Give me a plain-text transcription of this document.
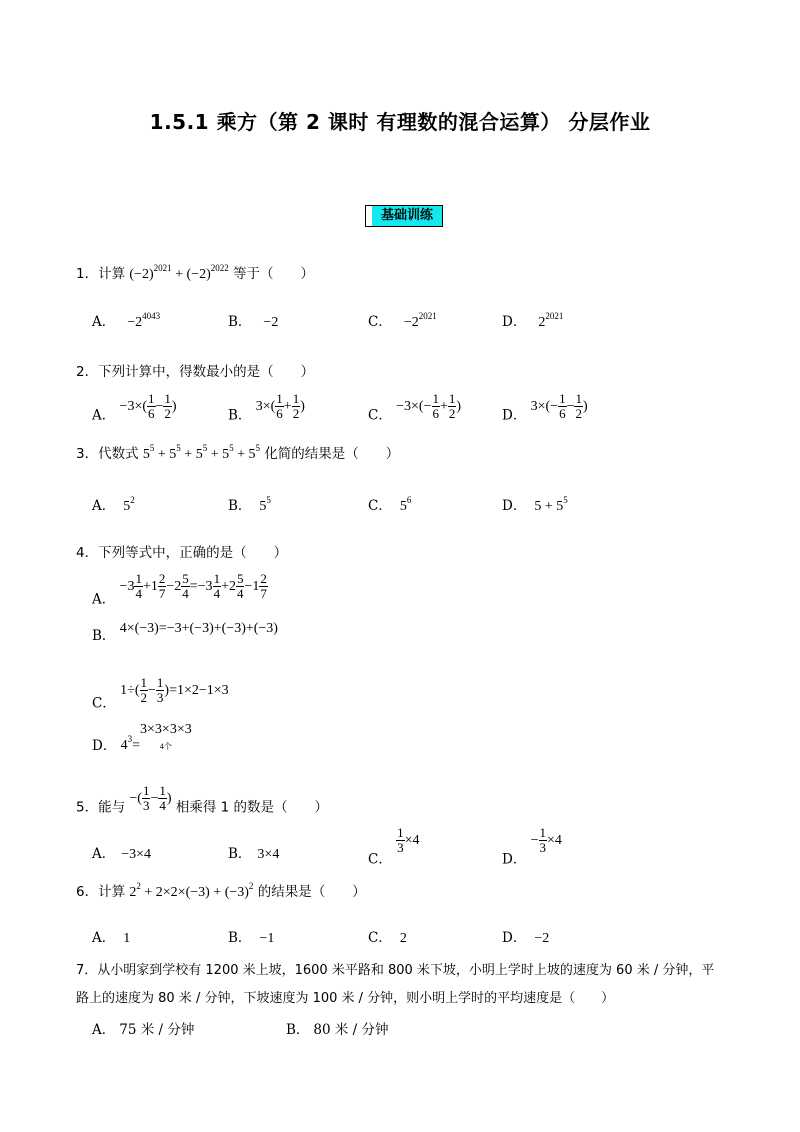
1.5.1 乘方（第 2 课时 有理数的混合运算） 分层作业
基础训练
1．计算 $(-2)^{2021} + (-2)^{2022}$ 等于（　　）
A． $-2^{4043}$	B． −2	C． $-2^{2021}$	D． $2^{2021}$
2．下列计算中，得数最小的是（　　）
A． $-3\times( \frac{1}{6} - \frac{1}{2}$ )
B． $3\times( \frac{1}{6} + \frac{1}{2}$ )
C． $-3\times(- \frac{1}{6} + \frac{1}{2}$ )
D． $3\times(- \frac{1}{6} - \frac{1}{2}$ )
3．代数式 $5^5 + 5^5 + 5^5 + 5^5 + 5^5$ 化简的结果是（　　）
A． $5^2$	B． $5^5$	C． $5^6$	D． $5 + 5^5$
4．下列等式中，正确的是（　　）
A． $-3 \frac{1}{4} +1 \frac{2}{7} -2 \frac{5}{4} =-3 \frac{1}{4} +2 \frac{5}{4} -1 \frac{2}{7}$
B． 4×(−3)=−3+(−3)+(−3)+(−3)
C． $1\div( \frac{1}{2} - \frac{1}{3} )=1\times 2-1\times 3$
D． $4^3=3\times 3\times 3\times 3$
4个
5．能与 −( $\frac{1}{3} - \frac{1}{4}$ ) 相乘得 1 的数是（　　）
A． −3×4	B． 3×4	C．
$\frac{1}{3} \times 4$
D． − $\frac{1}{3} \times 4$
6．计算 $2^2 + 2\times 2\times(-3) + (-3)^2$ 的结果是（　　）
A． 1	B． −1	C． 2	D． −2
7．从小明家到学校有 1200 米上坡，1600 米平路和 800 米下坡，小明上学时上坡的速度为 60 米 / 分钟，平
路上的速度为 80 米 / 分钟，下坡速度为 100 米 / 分钟，则小明上学时的平均速度是（　　）
A． 75 米 / 分钟	B． 80 米 / 分钟
